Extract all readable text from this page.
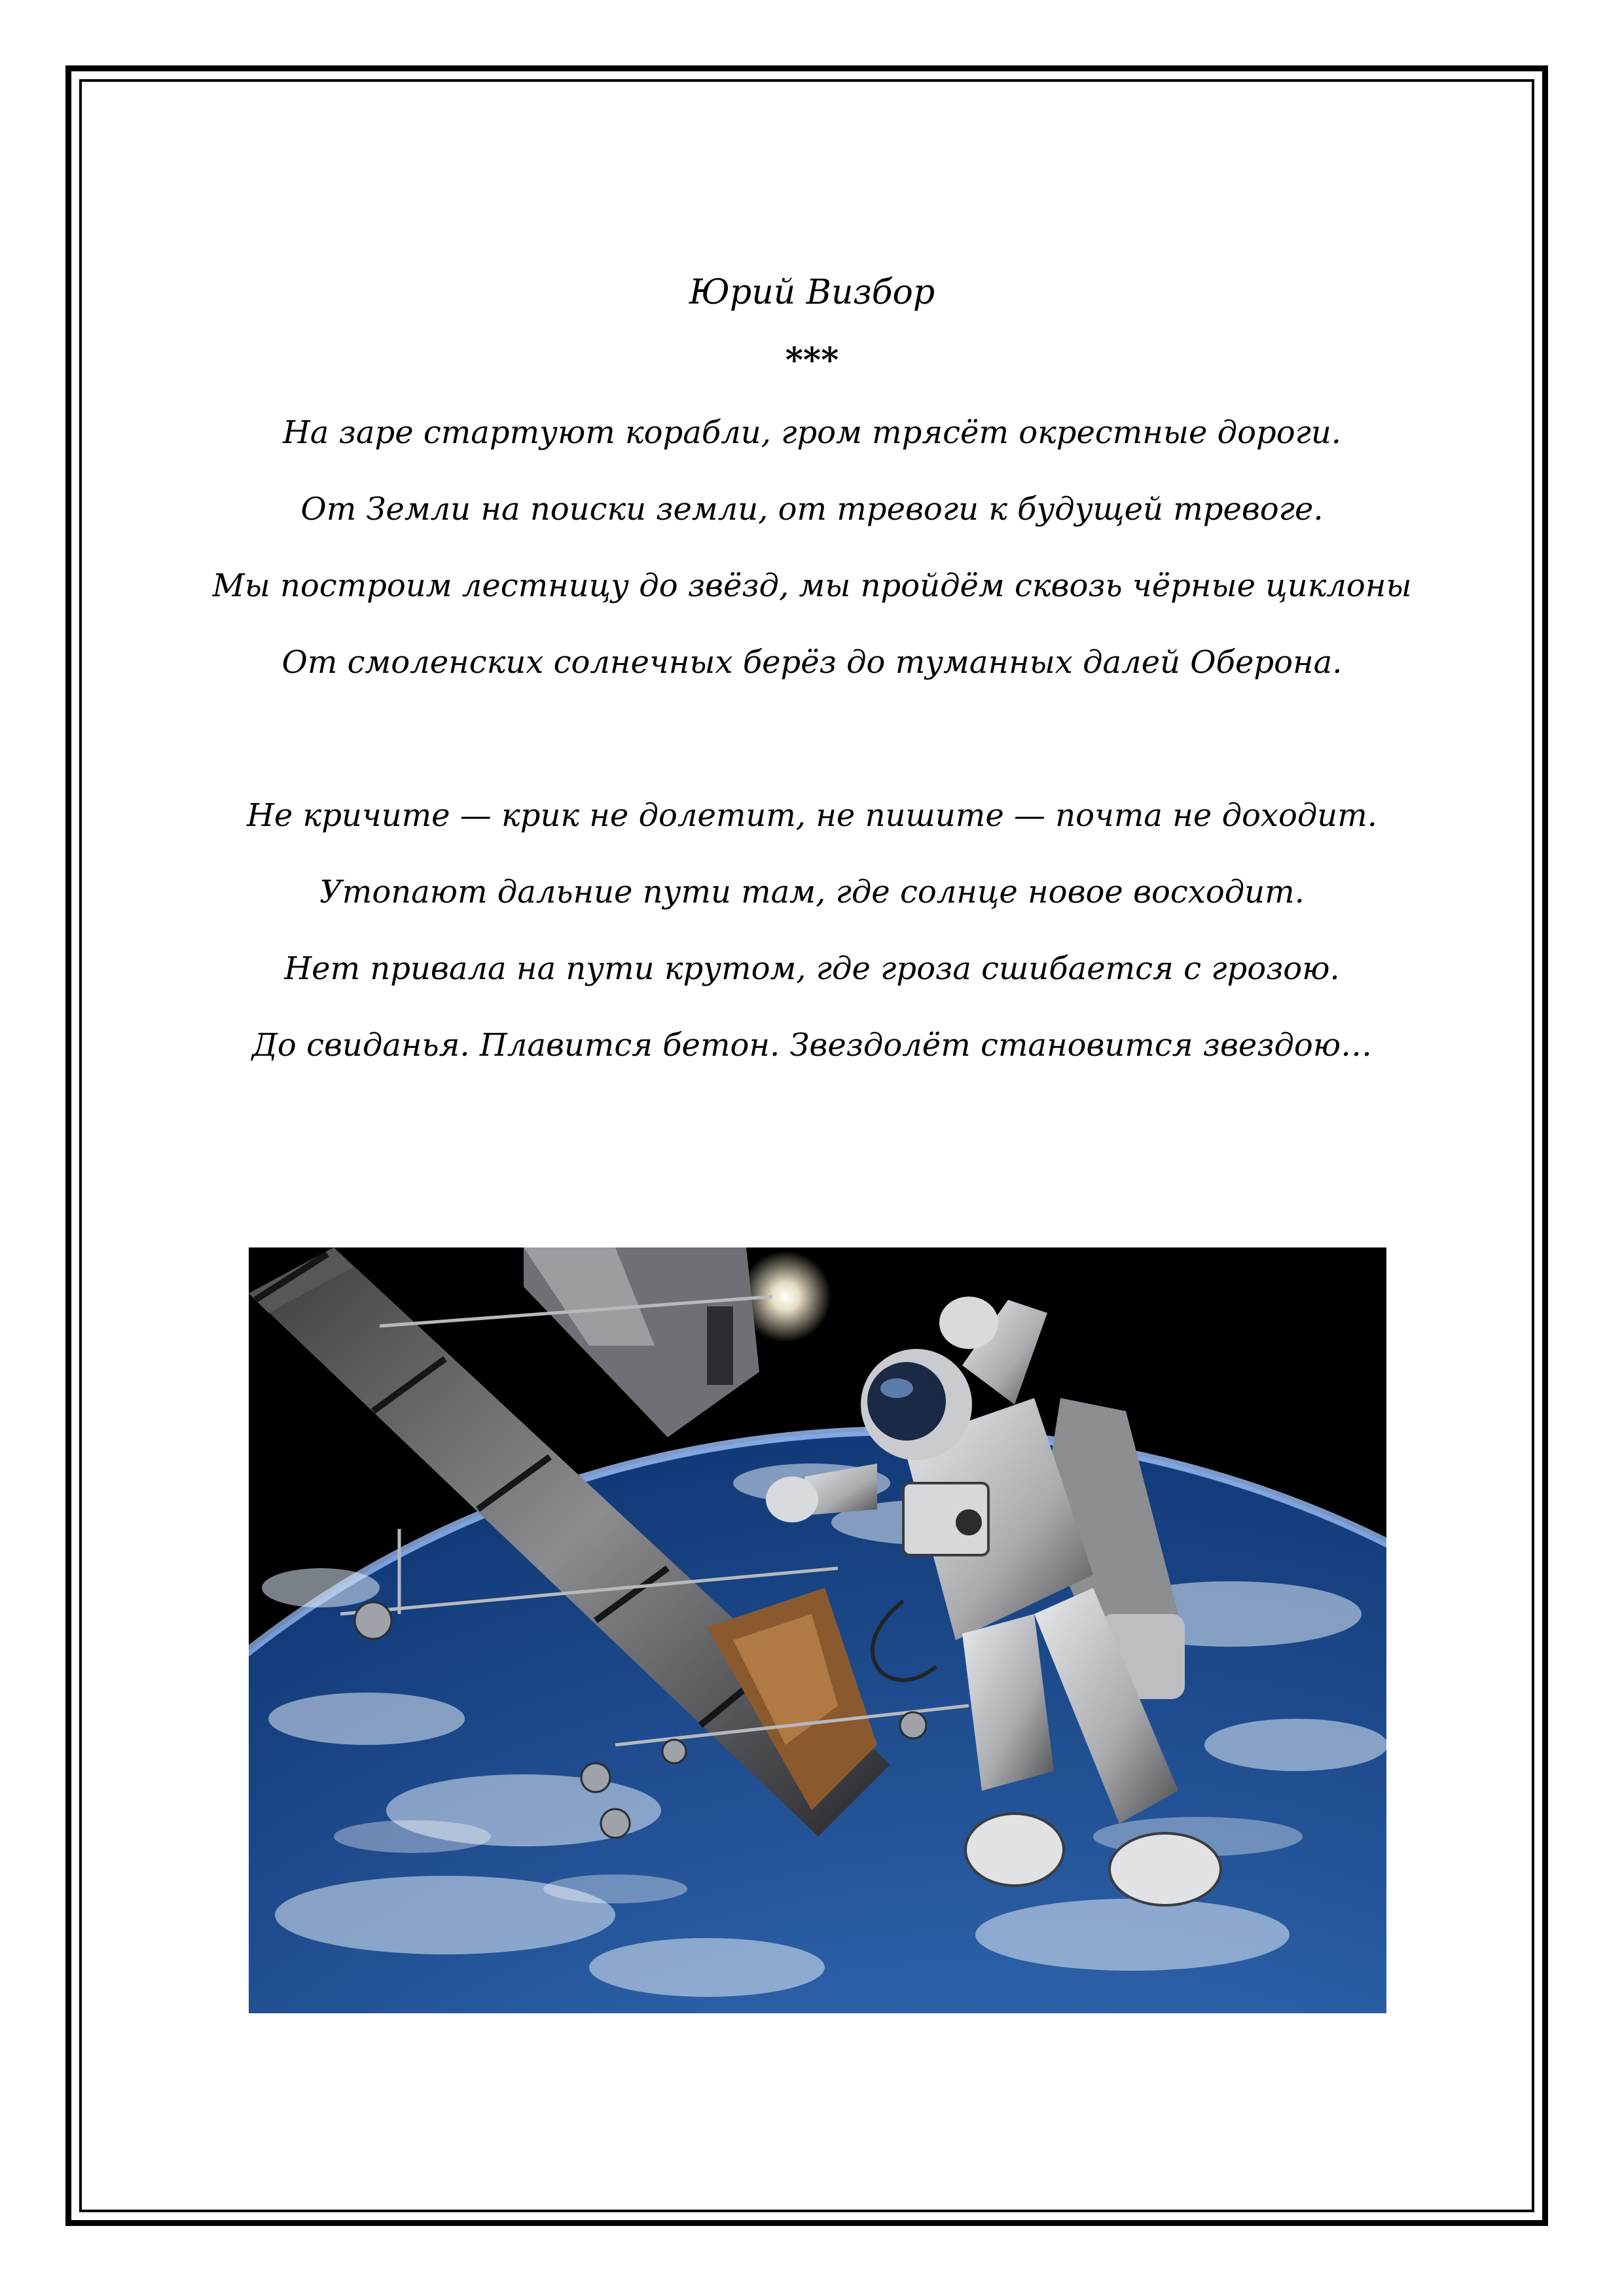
Юрий Визбор
***
На заре стартуют корабли, гром трясёт окрестные дороги.
От Земли на поиски земли, от тревоги к будущей тревоге.
Мы построим лестницу до звёзд, мы пройдём сквозь чёрные циклоны
От смоленских солнечных берёз до туманных далей Оберона.
Не кричите — крик не долетит, не пишите — почта не доходит.
Утопают дальние пути там, где солнце новое восходит.
Нет привала на пути крутом, где гроза сшибается с грозою.
До свиданья. Плавится бетон. Звездолёт становится звездою…
